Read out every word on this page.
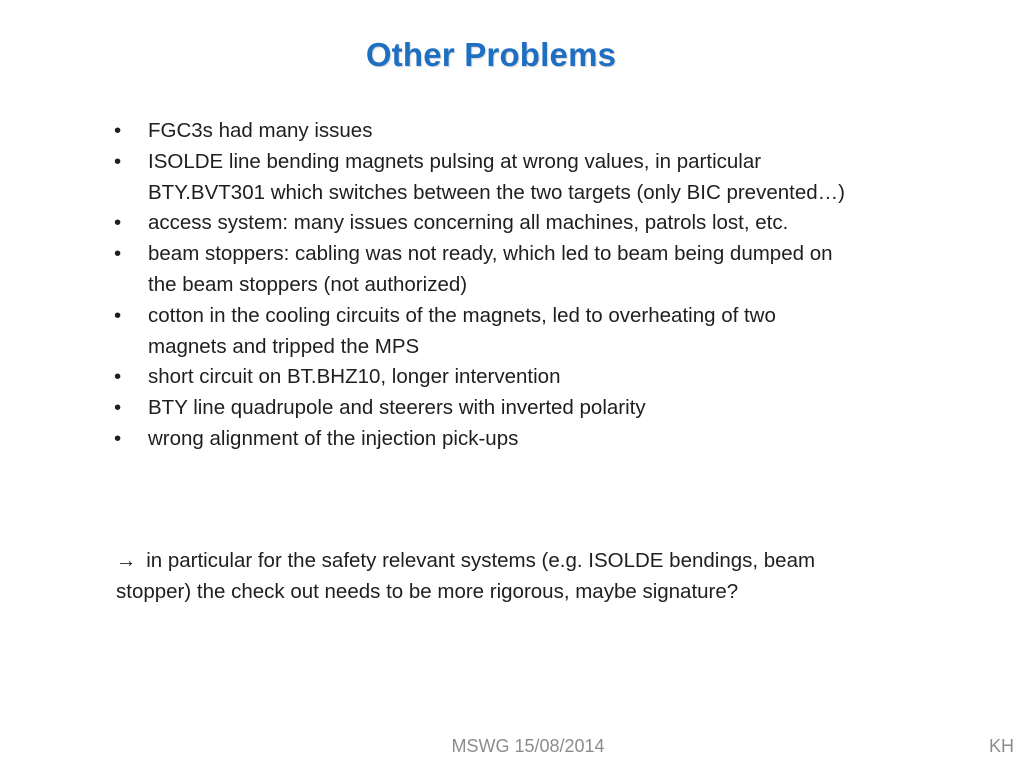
Other Problems
•	FGC3s had many issues
•	ISOLDE line bending magnets pulsing at wrong values, in particular BTY.BVT301 which switches between the two targets (only BIC prevented…)
•	access system: many issues concerning all machines, patrols lost, etc.
•	beam stoppers: cabling was not ready, which led to beam being dumped on the beam stoppers (not authorized)
•	cotton in the cooling circuits of the magnets, led to overheating of two magnets and tripped the MPS
•	short circuit on BT.BHZ10, longer intervention
•	BTY line quadrupole and steerers with inverted polarity
•	wrong alignment of the injection pick-ups

→ in particular for the safety relevant systems (e.g. ISOLDE bendings, beam stopper) the check out needs to be more rigorous, maybe signature?

MSWG 15/08/2014	KH
